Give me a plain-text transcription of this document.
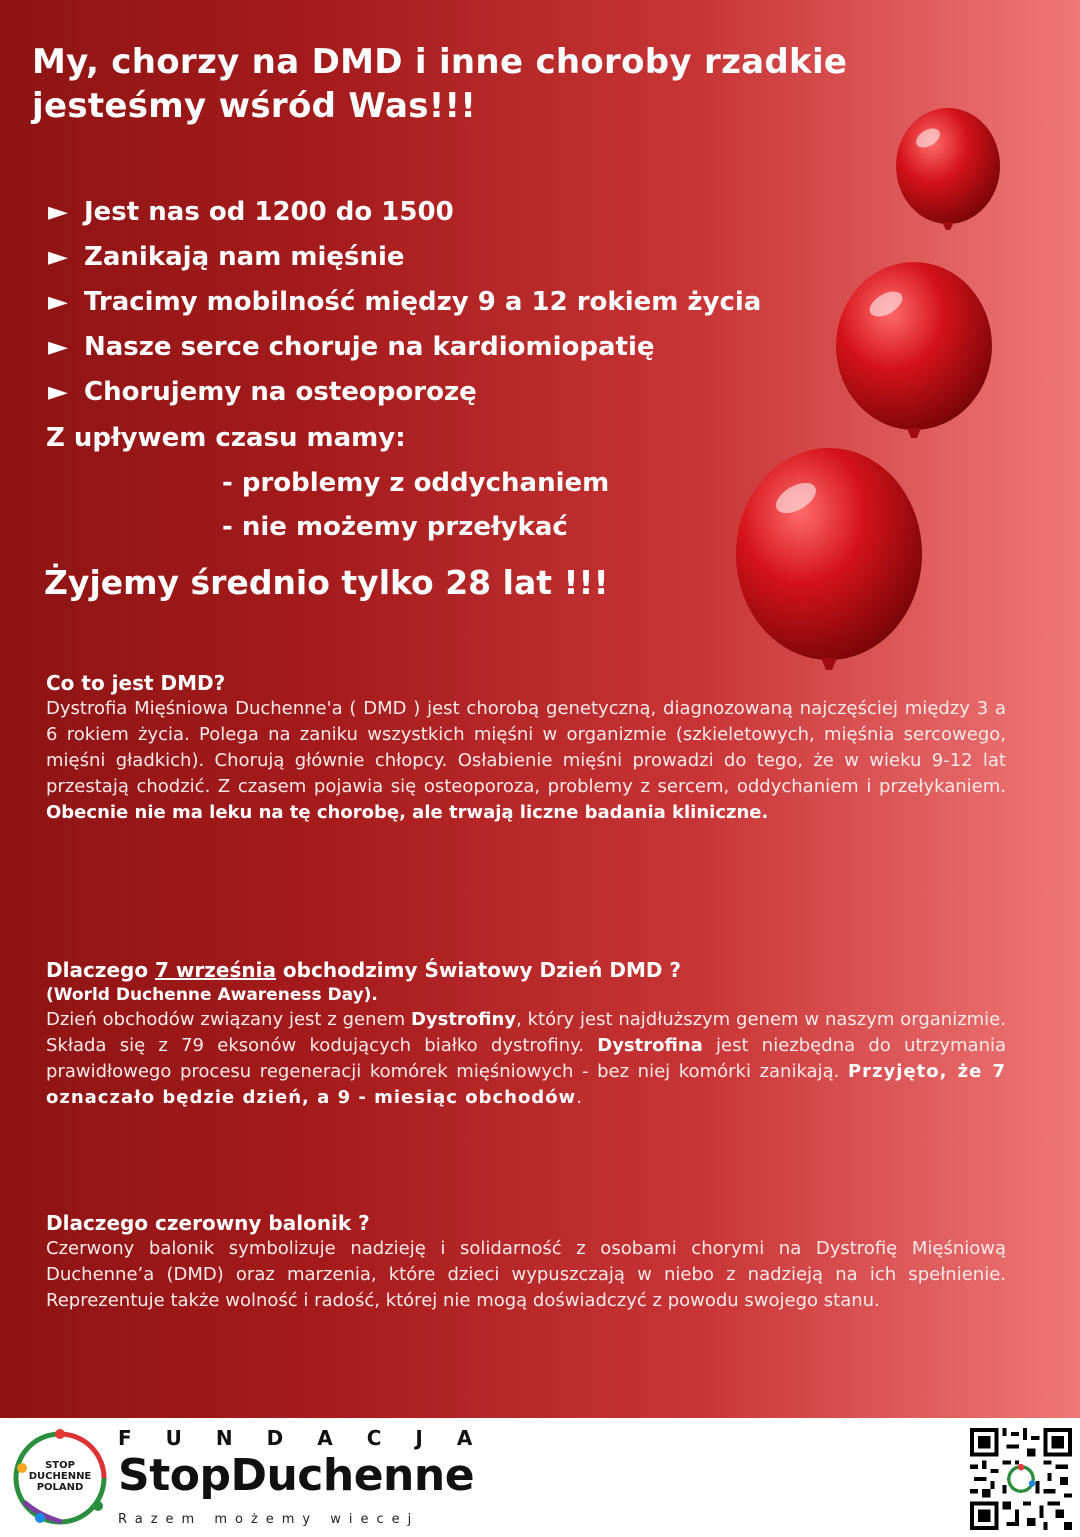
My, chorzy na DMD i inne choroby rzadkie
jesteśmy wśród Was!!!
► Jest nas od 1200 do 1500
► Zanikają nam mięśnie
► Tracimy mobilność między 9 a 12 rokiem życia
► Nasze serce choruje na kardiomiopatię
► Chorujemy na osteoporozę
Z upływem czasu mamy:
- problemy z oddychaniem
- nie możemy przełykać
Żyjemy średnio tylko 28 lat !!!
Co to jest DMD?

Dystrofia Mięśniowa Duchenne'a ( DMD ) jest chorobą genetyczną, diagnozowaną najczęściej między 3 a 6 rokiem życia. Polega na zaniku wszystkich mięśni w organizmie (szkieletowych, mięśnia sercowego, mięśni gładkich). Chorują głównie chłopcy. Osłabienie mięśni prowadzi do tego, że w wieku 9-12 lat przestają chodzić. Z czasem pojawia się osteoporoza, problemy z sercem, oddychaniem i przełykaniem. Obecnie nie ma leku na tę chorobę, ale trwają liczne badania kliniczne.

Dlaczego 7 września obchodzimy Światowy Dzień DMD ?
(World Duchenne Awareness Day).

Dzień obchodów związany jest z genem Dystrofiny, który jest najdłuższym genem w naszym organizmie. Składa się z 79 eksonów kodujących białko dystrofiny. Dystrofina jest niezbędna do utrzymania prawidłowego procesu regeneracji komórek mięśniowych - bez niej komórki zanikają. Przyjęto, że 7 oznaczało będzie dzień, a 9 - miesiąc obchodów.

Dlaczego czerowny balonik ?

Czerwony balonik symbolizuje nadzieję i solidarność z osobami chorymi na Dystrofię Mięśniową Duchenne’a (DMD) oraz marzenia, które dzieci wypuszczają w niebo z nadzieją na ich spełnienie. Reprezentuje także wolność i radość, której nie mogą doświadczyć z powodu swojego stanu.

STOP
DUCHENNE
POLAND
FUNDACJA
StopDuchenne
Razem możemy wiecej
